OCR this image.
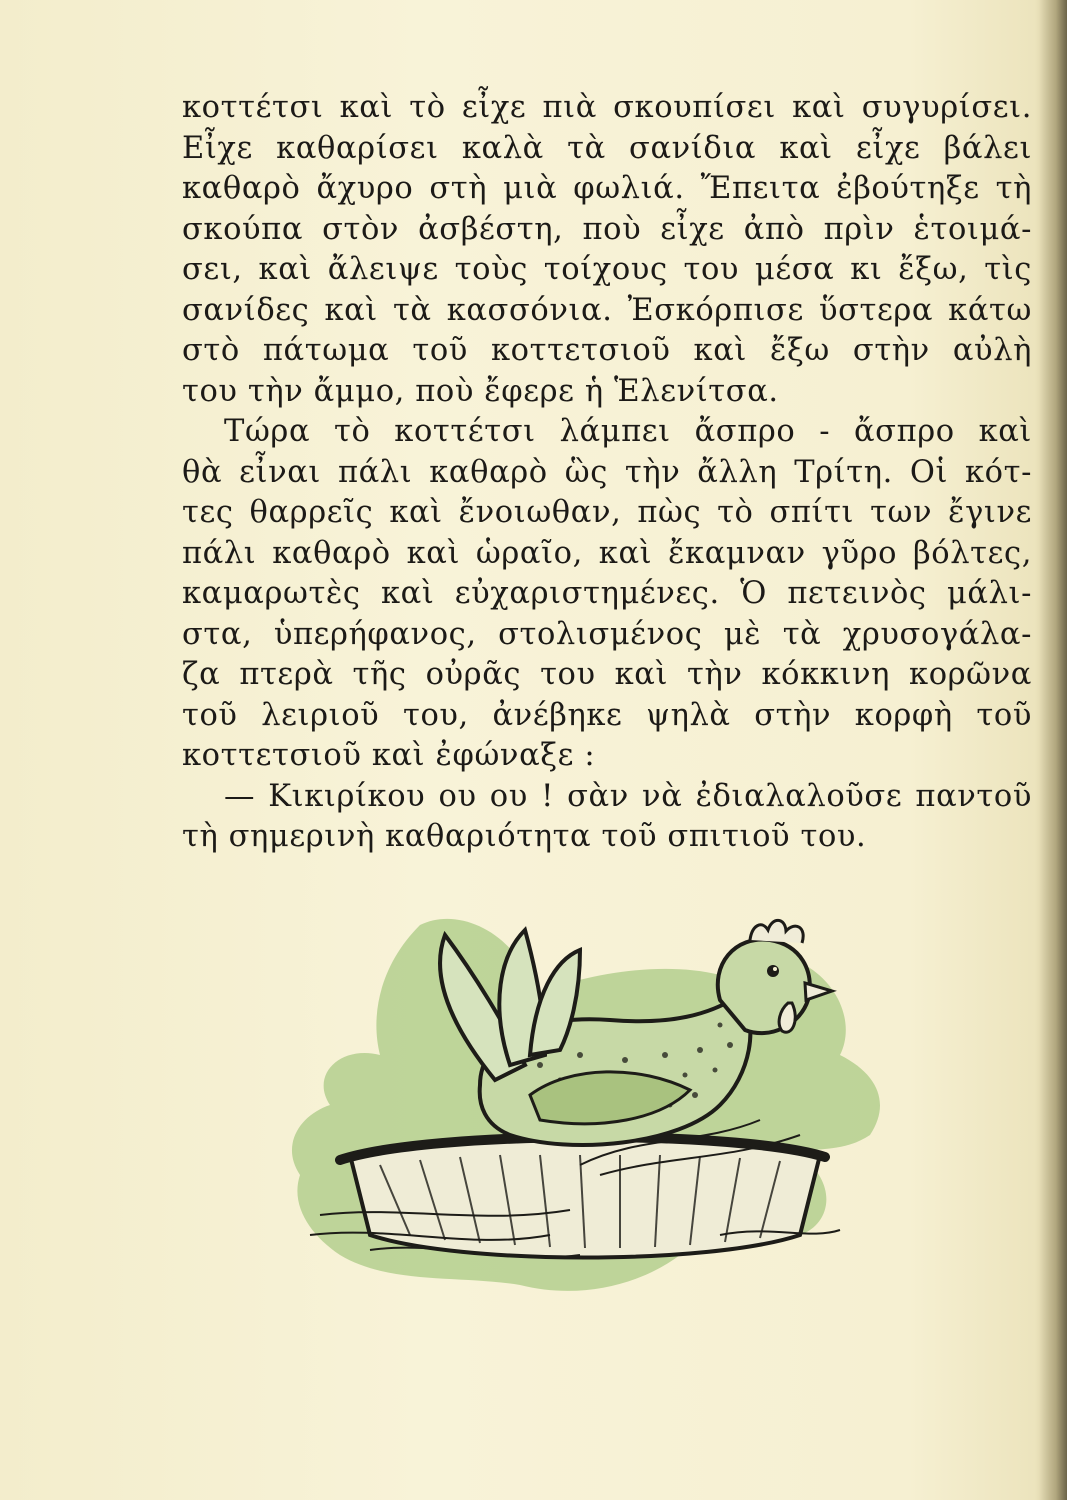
κοττέτσι καὶ τὸ εἶχε πιὰ σκουπίσει καὶ συγυρίσει.
Εἶχε καθαρίσει καλὰ τὰ σανίδια καὶ εἶχε βάλει
καθαρὸ ἄχυρο στὴ μιὰ φωλιά. Ἔπειτα ἐβούτηξε τὴ
σκούπα στὸν ἀσβέστη, ποὺ εἶχε ἀπὸ πρὶν ἑτοιμά-
σει, καὶ ἄλειψε τοὺς τοίχους του μέσα κι ἔξω, τὶς
σανίδες καὶ τὰ κασσόνια. Ἐσκόρπισε ὕστερα κάτω
στὸ πάτωμα τοῦ κοττετσιοῦ καὶ ἔξω στὴν αὐλὴ
του τὴν ἄμμο, ποὺ ἔφερε ἡ Ἑλενίτσα.
Τώρα τὸ κοττέτσι λάμπει ἄσπρο - ἄσπρο καὶ
θὰ εἶναι πάλι καθαρὸ ὣς τὴν ἄλλη Τρίτη. Οἱ κότ-
τες θαρρεῖς καὶ ἔνοιωθαν, πὼς τὸ σπίτι των ἔγινε
πάλι καθαρὸ καὶ ὡραῖο, καὶ ἔκαμναν γῦρο βόλτες,
καμαρωτὲς καὶ εὐχαριστημένες. Ὁ πετεινὸς μάλι-
στα, ὑπερήφανος, στολισμένος μὲ τὰ χρυσογάλα-
ζα πτερὰ τῆς οὐρᾶς του καὶ τὴν κόκκινη κορῶνα
τοῦ λειριοῦ του, ἀνέβηκε ψηλὰ στὴν κορφὴ τοῦ
κοττετσιοῦ καὶ ἐφώναξε :
— Κικιρίκου ου ου ! σὰν νὰ ἐδιαλαλοῦσε παντοῦ
τὴ σημερινὴ καθαριότητα τοῦ σπιτιοῦ του.
